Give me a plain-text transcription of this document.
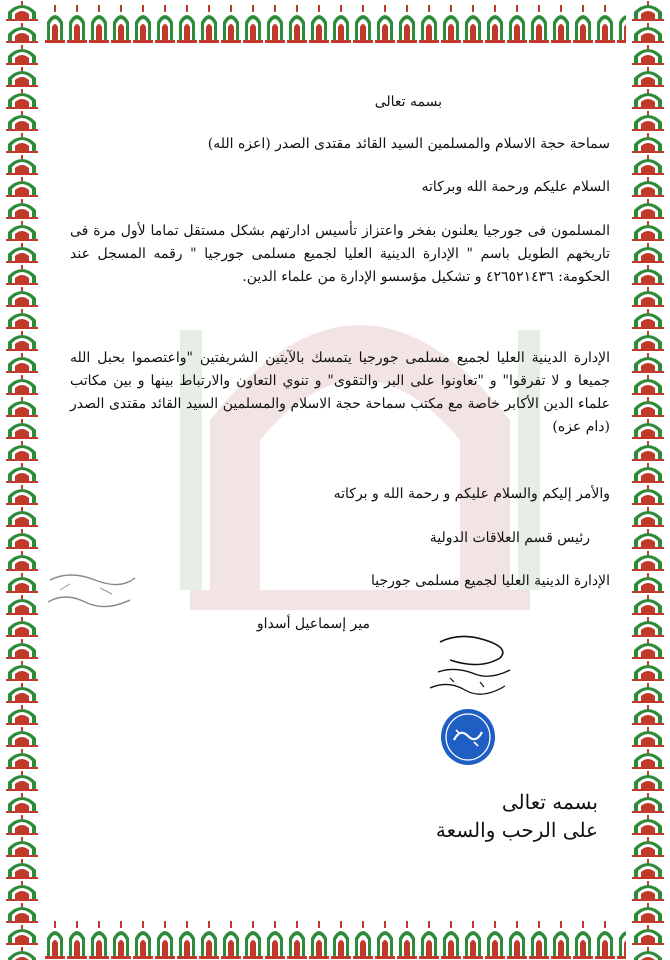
بسمه تعالى
سماحة حجة الاسلام والمسلمين السيد القائد مقتدى الصدر (اعزه الله)
السلام عليكم ورحمة الله وبركاته
المسلمون فى جورجيا يعلنون بفخر واعتزاز تأسيس ادارتهم بشكل مستقل تماما لأول مرة فى تاريخهم الطويل باسم " الإدارة الدينية العليا لجميع مسلمى جورجيا " رقمه المسجل عند الحكومة: ٤٢٦٥٢١٤٣٦ و تشكيل مؤسسو الإدارة من علماء الدين.
الإدارة الدينية العليا لجميع مسلمى جورجيا يتمسك بالآيتين الشريفتين "واعتصموا بحبل الله جميعا و لا تفرقوا" و "تعاونوا على البر والتقوى" و تنوي التعاون والارتباط بينها و بين مكاتب علماء الدين الأكابر خاصة مع مكتب سماحة حجة الاسلام والمسلمين السيد القائد مقتدى الصدر (دام عزه)
والأمر إليكم والسلام عليكم و رحمة الله و بركاته
رئيس قسم العلاقات الدولية
الإدارة الدينية العليا لجميع مسلمى جورجيا
مير إسماعيل أسداو
بسمه تعالى
على الرحب والسعة
